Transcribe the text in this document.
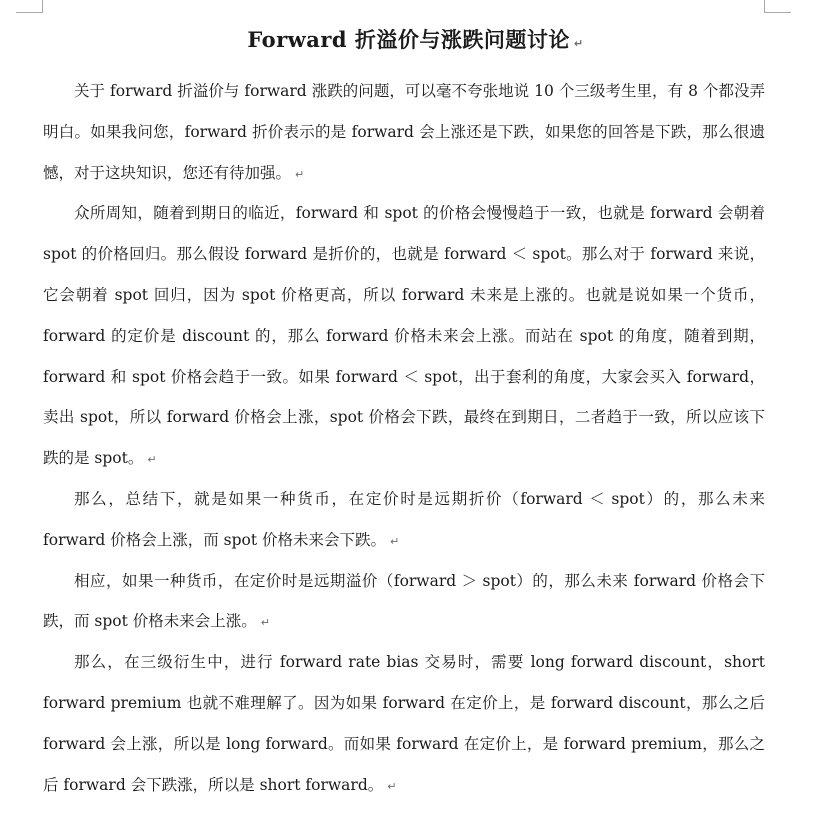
Forward 折溢价与涨跌问题讨论 ↵

关于 forward 折溢价与 forward 涨跌的问题，可以毫不夸张地说 10 个三级考生里，有 8 个都没弄明白。如果我问您，forward 折价表示的是 forward 会上涨还是下跌，如果您的回答是下跌，那么很遗憾，对于这块知识，您还有待加强。 ↵

众所周知，随着到期日的临近，forward 和 spot 的价格会慢慢趋于一致，也就是 forward 会朝着 spot 的价格回归。那么假设 forward 是折价的，也就是 forward ＜ spot。那么对于 forward 来说，它会朝着 spot 回归，因为 spot 价格更高，所以 forward 未来是上涨的。也就是说如果一个货币，forward 的定价是 discount 的，那么 forward 价格未来会上涨。而站在 spot 的角度，随着到期，forward 和 spot 价格会趋于一致。如果 forward ＜ spot，出于套利的角度，大家会买入 forward，卖出 spot，所以 forward 价格会上涨，spot 价格会下跌，最终在到期日，二者趋于一致，所以应该下跌的是 spot。 ↵

那么，总结下，就是如果一种货币，在定价时是远期折价（forward ＜ spot）的，那么未来 forward 价格会上涨，而 spot 价格未来会下跌。 ↵

相应，如果一种货币，在定价时是远期溢价（forward ＞ spot）的，那么未来 forward 价格会下跌，而 spot 价格未来会上涨。 ↵

那么，在三级衍生中，进行 forward rate bias 交易时，需要 long forward discount，short forward premium 也就不难理解了。因为如果 forward 在定价上，是 forward discount，那么之后 forward 会上涨，所以是 long forward。而如果 forward 在定价上，是 forward premium，那么之后 forward 会下跌涨，所以是 short forward。 ↵
